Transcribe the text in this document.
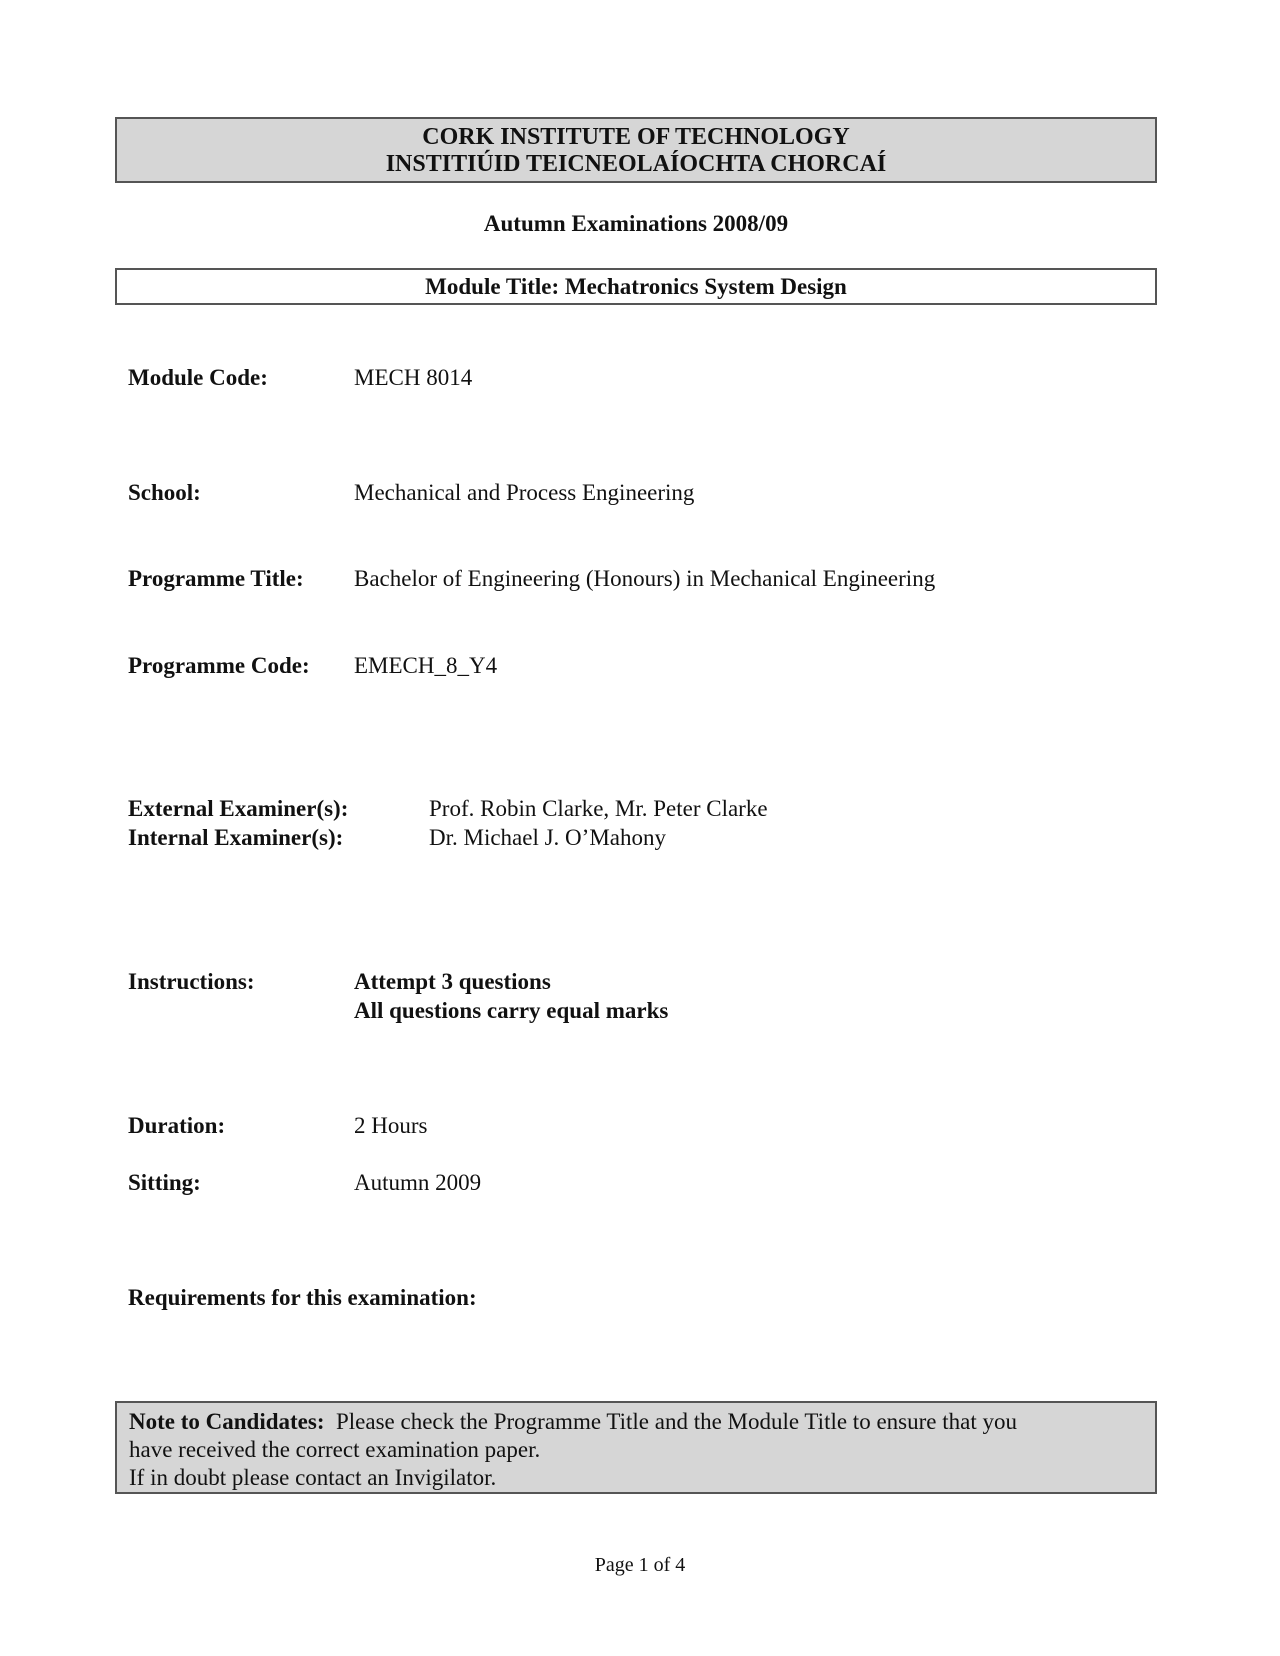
CORK INSTITUTE OF TECHNOLOGY
INSTITIÚID TEICNEOLAÍOCHTA CHORCAÍ
Autumn Examinations 2008/09
Module Title: Mechatronics System Design
Module Code:	MECH 8014
School:	Mechanical and Process Engineering
Programme Title: Bachelor of Engineering (Honours) in Mechanical Engineering
Programme Code: EMECH_8_Y4
External Examiner(s):	Prof. Robin Clarke, Mr. Peter Clarke
Internal Examiner(s):	Dr. Michael J. O’Mahony
Instructions:	Attempt 3 questions
All questions carry equal marks
Duration:	2 Hours
Sitting:	Autumn 2009
Requirements for this examination:
Note to Candidates: Please check the Programme Title and the Module Title to ensure that you
have received the correct examination paper.
If in doubt please contact an Invigilator.
Page 1 of 4
